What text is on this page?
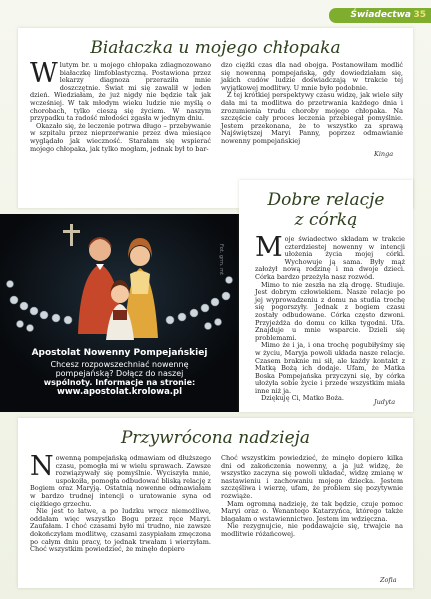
Świadectwa 35
Białaczka u mojego chłopaka
W lutym br. u mojego chłopaka zdiagnozowano białaczkę limfoblastyczną. Postawiona przez lekarzy diagnoza przeraziła mnie doszczętnie. Świat mi się zawalił w jeden dzień. Wiedziałam, że już nigdy nie będzie tak jak wcześniej. W tak młodym wieku ludzie nie myślą o chorobach, tylko cieszą się życiem. W naszym przypadku ta radość młodości zgasła w jednym dniu.

Okazało się, że leczenie potrwa długo – przebywanie w szpitalu przez nieprzerwanie przez dwa miesiące wyglądało jak wieczność. Starałam się wspierać mojego chłopaka, jak tylko mogłam, jednak był to bar-

dzo ciężki czas dla nad obojga. Postanowiłam modlić się nowenną pompejańską, gdy dowiedziałam się, jakich cudów ludzie doświadczają w trakcie tej wyjątkowej modlitwy. U mnie było podobnie.

Z tej krótkiej perspektywy czasu widzę, jak wiele siły dała mi ta modlitwa do przetrwania każdego dnia i zrozumienia trudu choroby mojego chłopaka. Na szczęście cały proces leczenia przebiegał pomyślnie. Jestem przekonana, że to wszystko za sprawą Najświętszej Maryi Panny, poprzez odmawianie nowenny pompejańskiej

Kinga
Fot. grm. mt
Apostolat Nowenny Pompejańskiej
Chcesz rozpowszechniać nowennę
pompejańską? Dołącz do naszej
wspólnoty. Informacje na stronie:
www.apostolat.krolowa.pl
Dobre relacje
z córką
M oje świadectwo składam w trakcie czterdziestej nowenny w intencji ułożenia życia mojej córki. Wychowuje ją sama. Były mąż założył nową rodzinę i ma dwoje dzieci. Córka bardzo przeżyła nasz rozwód.

Mimo to nie zeszła na złą drogę. Studiuje. Jest dobrym człowiekiem. Nasze relacje po jej wyprowadzeniu z domu na studia trochę się pogorszyły. Jednak z bogiem czasu zostały odbudowane. Córka często dzwoni. Przyjeżdża do domu co kilka tygodni. Ufa. Znajduje u mnie wsparcie. Dzieli się problemami.

Mimo że i ja, i ona trochę pogubiłyśmy się w życiu, Maryja powoli układa nasze relacje. Czasem braknie mi sił, ale każdy kontakt z Matką Bożą ich dodaje. Ufam, że Matka Boska Pompejańska przyczyni się, by córka ułożyła sobie życie i przede wszystkim miała inne niż ja.

Dziękuję Ci, Matko Boża.	Judyta
Przywrócona nadzieja
N owenną pompejańską odmawiam od dłuższego czasu, pomogła mi w wielu sprawach. Zawsze rozwiązywały się pomyślnie. Wyciszyła mnie, uspokoiła, pomogła odbudować bliską relację z Bogiem oraz Maryją. Ostatnią nowenne odmawiałam w bardzo trudnej intencji o uratowanie syna od ciężkiego grzechu.

Nie jest to łatwe, a po ludzku wręcz niemożliwe, oddałam więc wszystko Bogu przez ręce Maryi. Zaufałam. I choć czasami było mi trudno, nie zawsze dokończyłam modlitwę, czasami zasypiałam zmęczona po całym dniu pracy, to jednak trwałam i wierzyłam. Choć wszystkim powiedzieć, że minęło dopiero

Choć wszystkim powiedzieć, że minęło dopiero kilka dni od zakończenia nowenny, a ja już widzę, że wszystko zaczyna się powoli układać, widzę zmianę w nastawieniu i zachowaniu mojego dziecka. Jestem szczęśliwa i wierzę, ufam, że problem się pozytywnie rozwiąże.

Mam ogromną nadzieję, że tak będzie, czuje pomoc Maryi oraz o. Wenanteqo Katarzyńca, którego także błagałam o wstawiennictwo. Jestem im wdzięczna.

Nie rezygnujcie, nie poddawajcie się, trwajcie na modlitwie różańcowej.

Zofia
